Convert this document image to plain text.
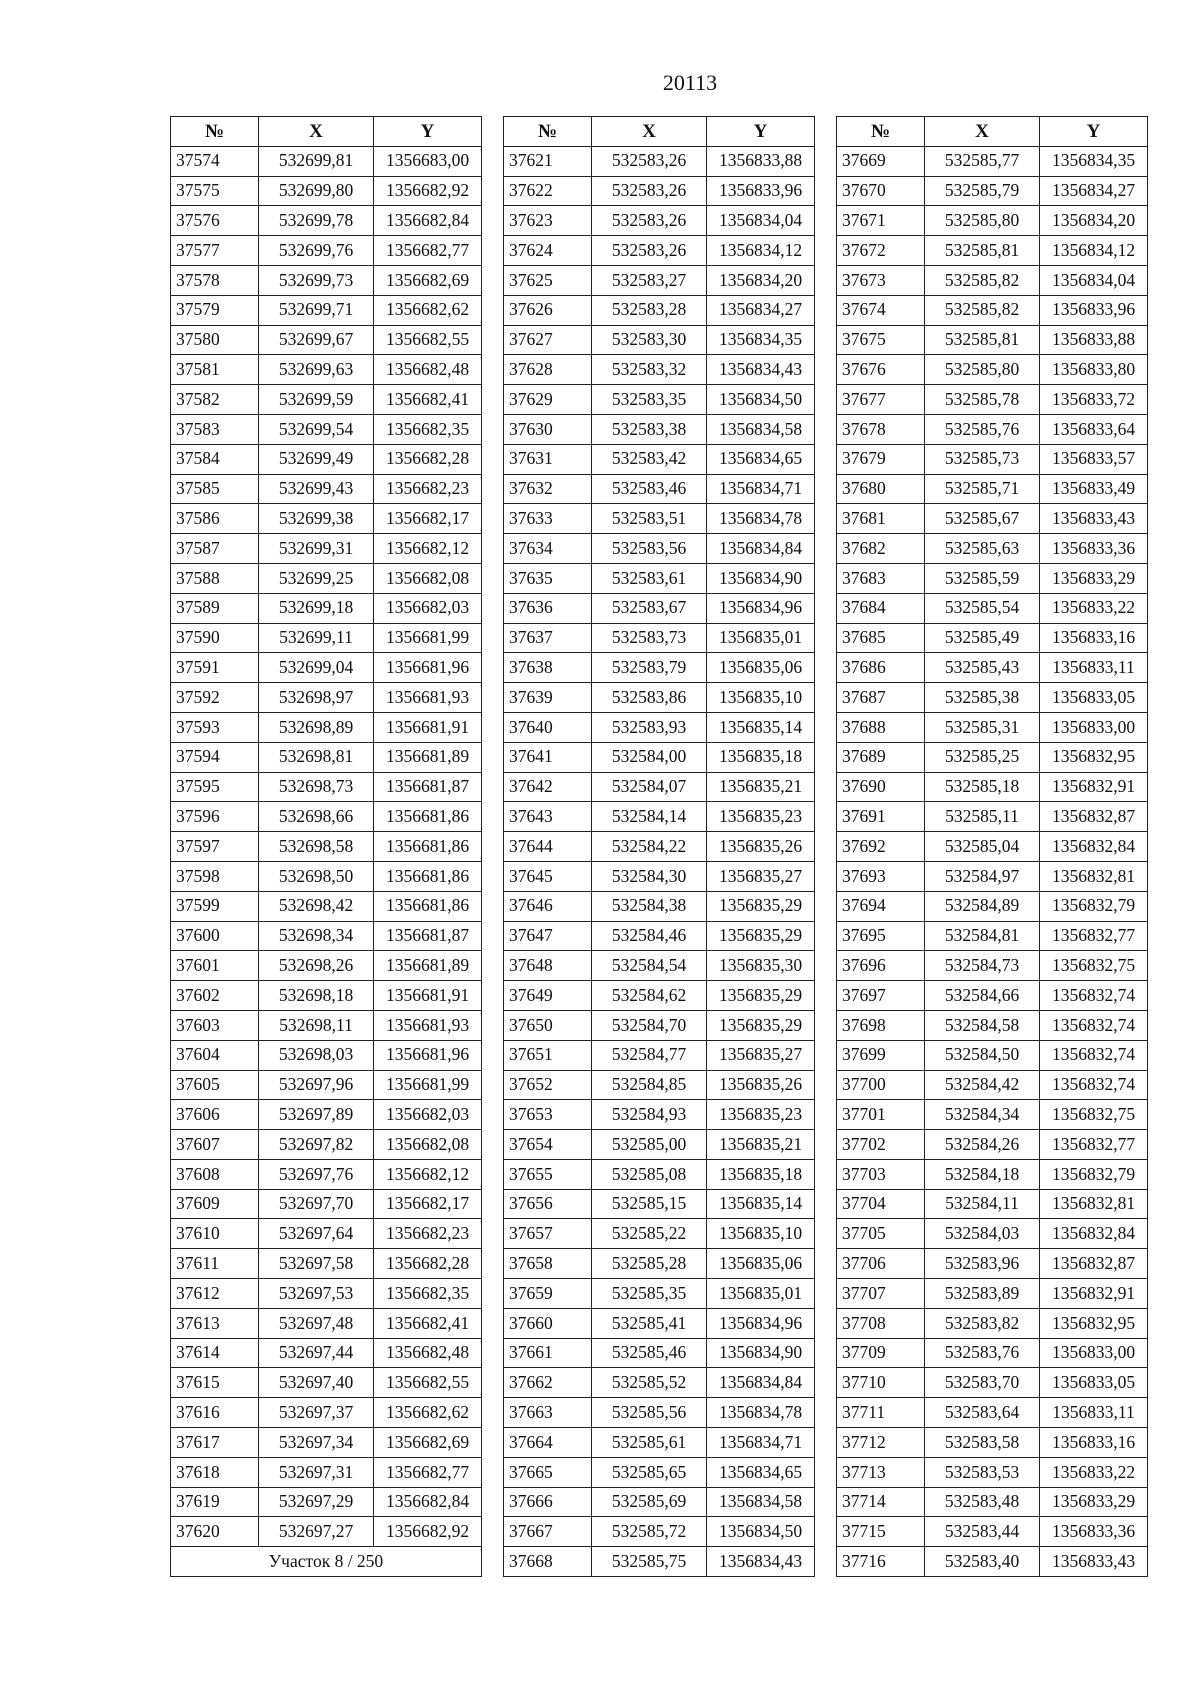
20113
№	X	Y
37574	532699,81	1356683,00
37575	532699,80	1356682,92
37576	532699,78	1356682,84
37577	532699,76	1356682,77
37578	532699,73	1356682,69
37579	532699,71	1356682,62
37580	532699,67	1356682,55
37581	532699,63	1356682,48
37582	532699,59	1356682,41
37583	532699,54	1356682,35
37584	532699,49	1356682,28
37585	532699,43	1356682,23
37586	532699,38	1356682,17
37587	532699,31	1356682,12
37588	532699,25	1356682,08
37589	532699,18	1356682,03
37590	532699,11	1356681,99
37591	532699,04	1356681,96
37592	532698,97	1356681,93
37593	532698,89	1356681,91
37594	532698,81	1356681,89
37595	532698,73	1356681,87
37596	532698,66	1356681,86
37597	532698,58	1356681,86
37598	532698,50	1356681,86
37599	532698,42	1356681,86
37600	532698,34	1356681,87
37601	532698,26	1356681,89
37602	532698,18	1356681,91
37603	532698,11	1356681,93
37604	532698,03	1356681,96
37605	532697,96	1356681,99
37606	532697,89	1356682,03
37607	532697,82	1356682,08
37608	532697,76	1356682,12
37609	532697,70	1356682,17
37610	532697,64	1356682,23
37611	532697,58	1356682,28
37612	532697,53	1356682,35
37613	532697,48	1356682,41
37614	532697,44	1356682,48
37615	532697,40	1356682,55
37616	532697,37	1356682,62
37617	532697,34	1356682,69
37618	532697,31	1356682,77
37619	532697,29	1356682,84
37620	532697,27	1356682,92
Участок 8 / 250		
№	X	Y
37621	532583,26	1356833,88
37622	532583,26	1356833,96
37623	532583,26	1356834,04
37624	532583,26	1356834,12
37625	532583,27	1356834,20
37626	532583,28	1356834,27
37627	532583,30	1356834,35
37628	532583,32	1356834,43
37629	532583,35	1356834,50
37630	532583,38	1356834,58
37631	532583,42	1356834,65
37632	532583,46	1356834,71
37633	532583,51	1356834,78
37634	532583,56	1356834,84
37635	532583,61	1356834,90
37636	532583,67	1356834,96
37637	532583,73	1356835,01
37638	532583,79	1356835,06
37639	532583,86	1356835,10
37640	532583,93	1356835,14
37641	532584,00	1356835,18
37642	532584,07	1356835,21
37643	532584,14	1356835,23
37644	532584,22	1356835,26
37645	532584,30	1356835,27
37646	532584,38	1356835,29
37647	532584,46	1356835,29
37648	532584,54	1356835,30
37649	532584,62	1356835,29
37650	532584,70	1356835,29
37651	532584,77	1356835,27
37652	532584,85	1356835,26
37653	532584,93	1356835,23
37654	532585,00	1356835,21
37655	532585,08	1356835,18
37656	532585,15	1356835,14
37657	532585,22	1356835,10
37658	532585,28	1356835,06
37659	532585,35	1356835,01
37660	532585,41	1356834,96
37661	532585,46	1356834,90
37662	532585,52	1356834,84
37663	532585,56	1356834,78
37664	532585,61	1356834,71
37665	532585,65	1356834,65
37666	532585,69	1356834,58
37667	532585,72	1356834,50
37668	532585,75	1356834,43
№	X	Y
37669	532585,77	1356834,35
37670	532585,79	1356834,27
37671	532585,80	1356834,20
37672	532585,81	1356834,12
37673	532585,82	1356834,04
37674	532585,82	1356833,96
37675	532585,81	1356833,88
37676	532585,80	1356833,80
37677	532585,78	1356833,72
37678	532585,76	1356833,64
37679	532585,73	1356833,57
37680	532585,71	1356833,49
37681	532585,67	1356833,43
37682	532585,63	1356833,36
37683	532585,59	1356833,29
37684	532585,54	1356833,22
37685	532585,49	1356833,16
37686	532585,43	1356833,11
37687	532585,38	1356833,05
37688	532585,31	1356833,00
37689	532585,25	1356832,95
37690	532585,18	1356832,91
37691	532585,11	1356832,87
37692	532585,04	1356832,84
37693	532584,97	1356832,81
37694	532584,89	1356832,79
37695	532584,81	1356832,77
37696	532584,73	1356832,75
37697	532584,66	1356832,74
37698	532584,58	1356832,74
37699	532584,50	1356832,74
37700	532584,42	1356832,74
37701	532584,34	1356832,75
37702	532584,26	1356832,77
37703	532584,18	1356832,79
37704	532584,11	1356832,81
37705	532584,03	1356832,84
37706	532583,96	1356832,87
37707	532583,89	1356832,91
37708	532583,82	1356832,95
37709	532583,76	1356833,00
37710	532583,70	1356833,05
37711	532583,64	1356833,11
37712	532583,58	1356833,16
37713	532583,53	1356833,22
37714	532583,48	1356833,29
37715	532583,44	1356833,36
37716	532583,40	1356833,43
